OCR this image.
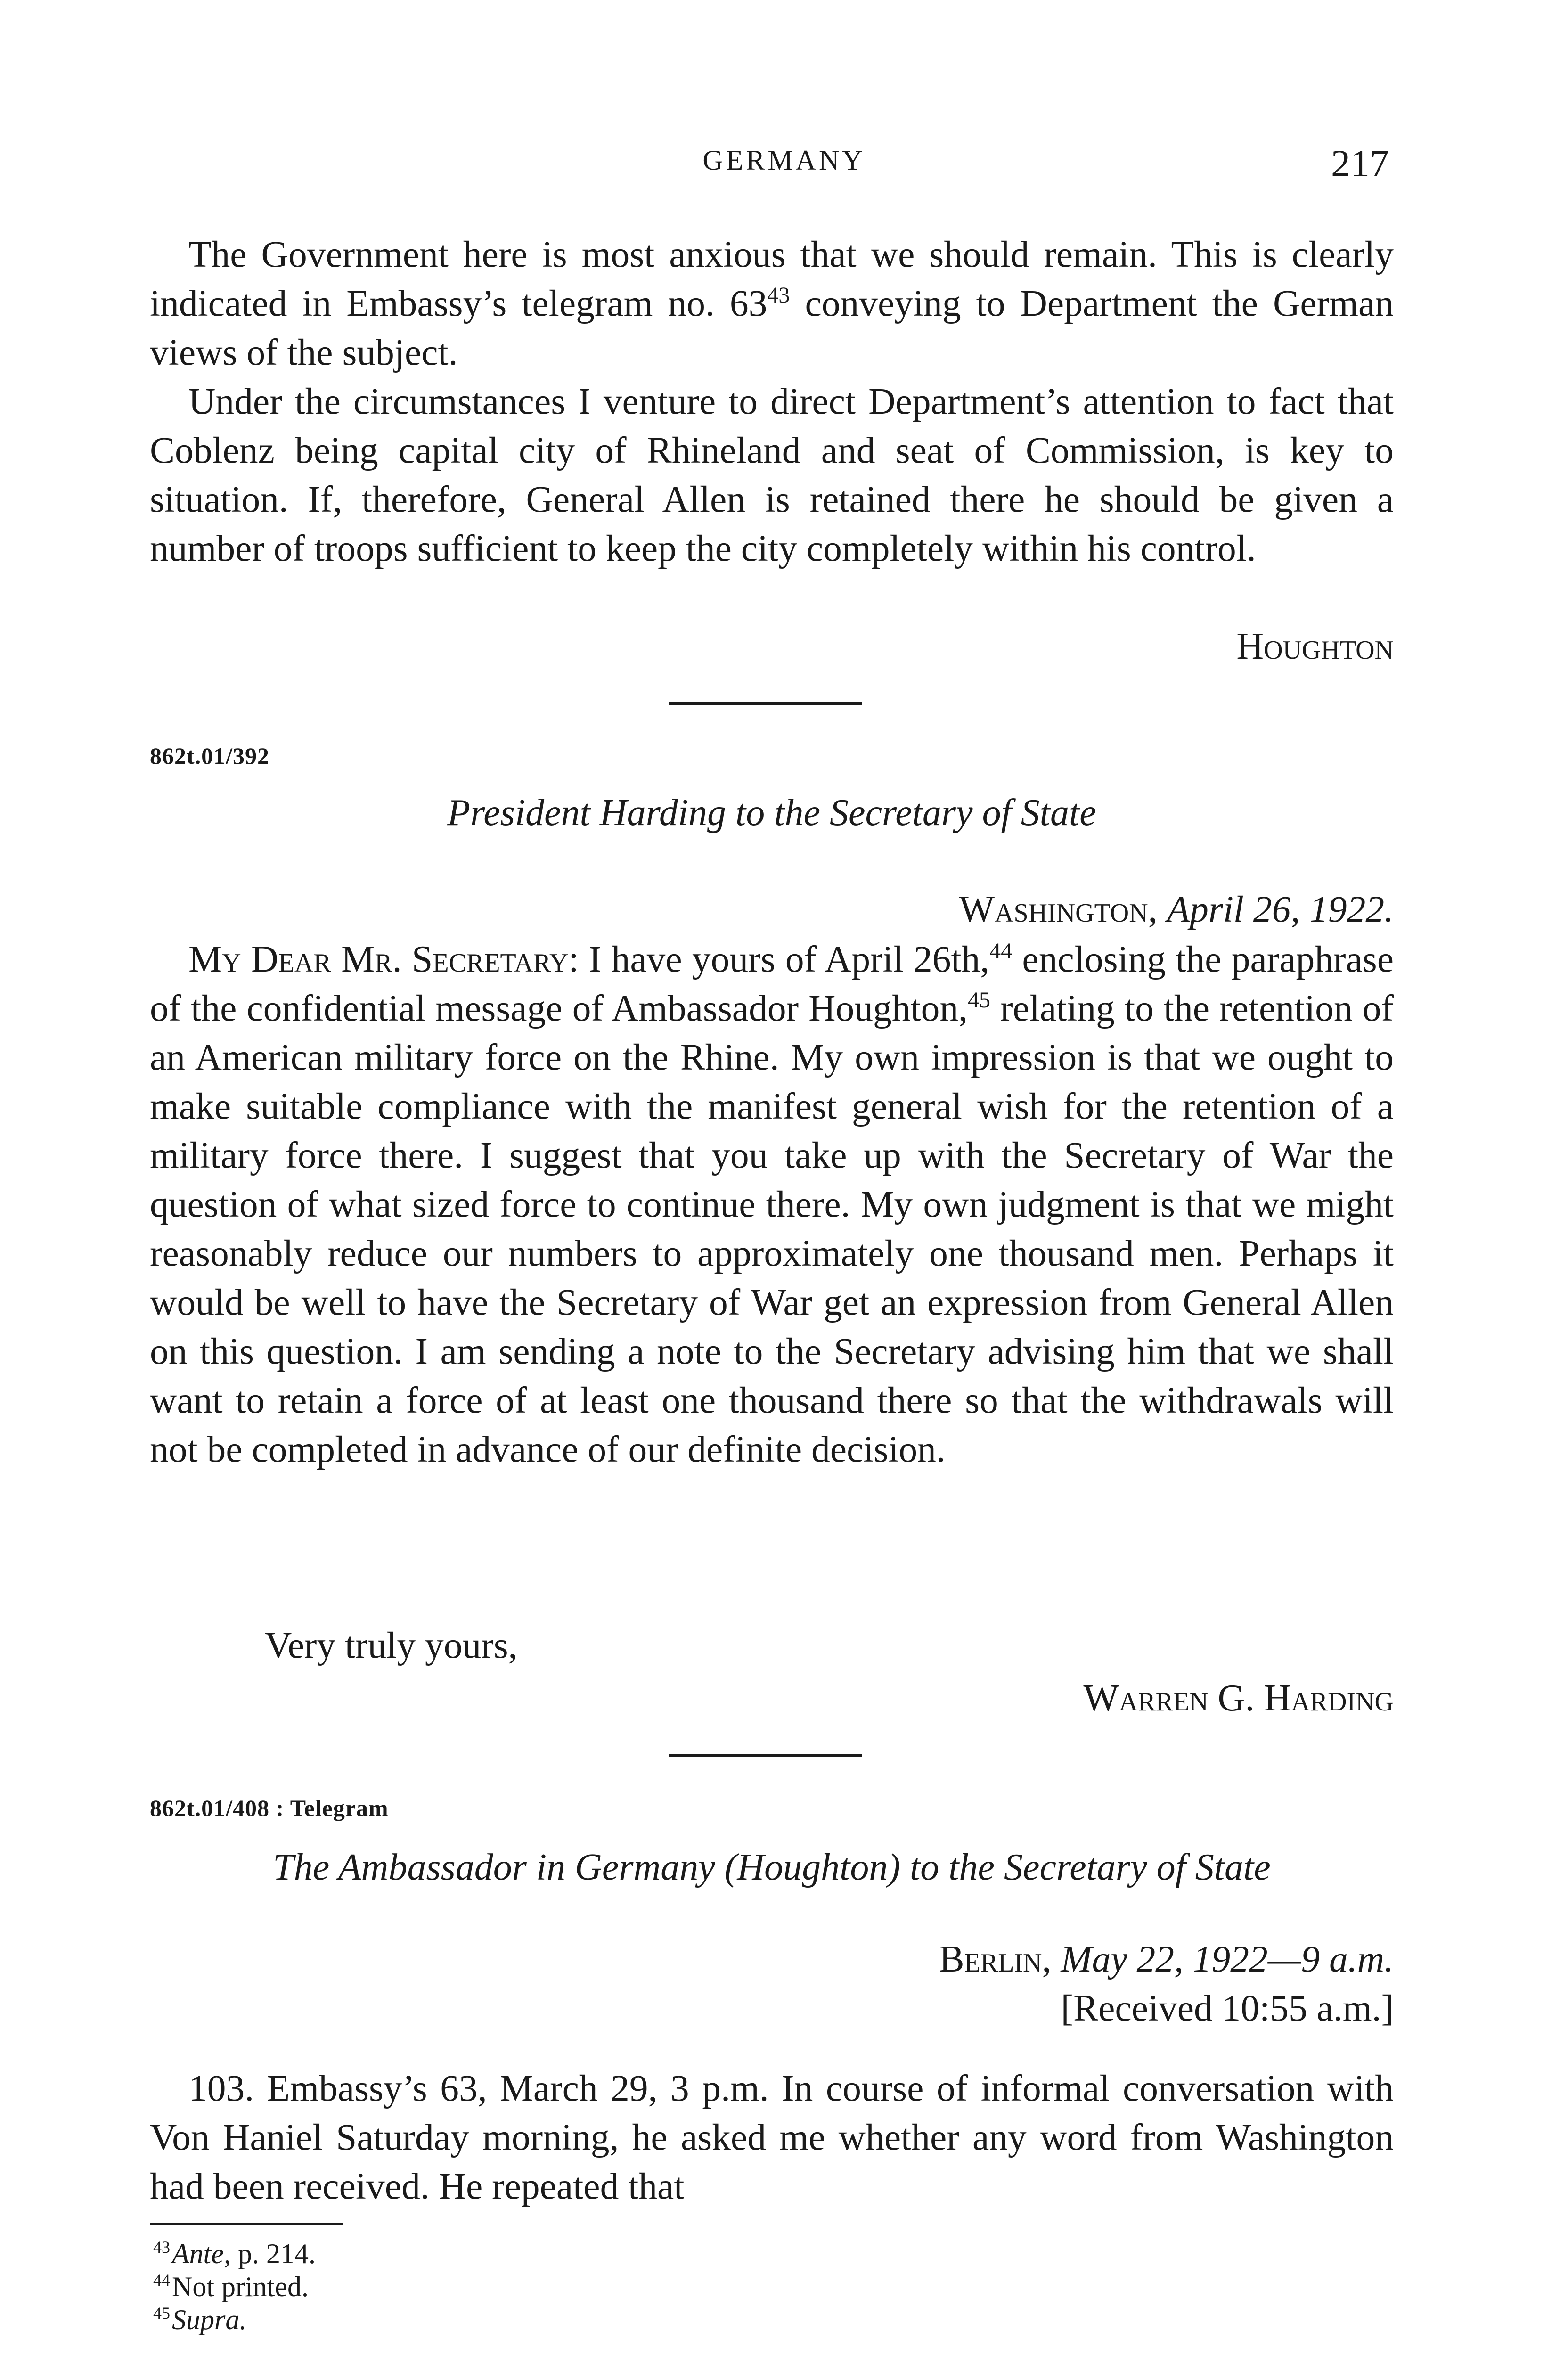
GERMANY	217

The Government here is most anxious that we should remain. This is clearly indicated in Embassy’s telegram no. 63$^{43}$ conveying to Department the German views of the subject.

Under the circumstances I venture to direct Department’s attention to fact that Coblenz being capital city of Rhineland and seat of Commission, is key to situation. If, therefore, General Allen is retained there he should be given a number of troops sufficient to keep the city completely within his control.

Houghton
862t.01/392
President Harding to the Secretary of State
Washington, April 26, 1922.

My Dear Mr. Secretary: I have yours of April 26th,$^{44}$ enclosing the paraphrase of the confidential message of Ambassador Houghton,$^{45}$ relating to the retention of an American military force on the Rhine. My own impression is that we ought to make suitable compliance with the manifest general wish for the retention of a military force there. I suggest that you take up with the Secretary of War the question of what sized force to continue there. My own judgment is that we might reasonably reduce our numbers to approximately one thousand men. Perhaps it would be well to have the Secretary of War get an expression from General Allen on this question. I am sending a note to the Secretary advising him that we shall want to retain a force of at least one thousand there so that the withdrawals will not be completed in advance of our definite decision.

Very truly yours,

Warren G. Harding
862t.01/408 : Telegram
The Ambassador in Germany (Houghton) to the Secretary of State
Berlin, May 22, 1922—9 a.m.
[Received 10:55 a.m.]

103. Embassy’s 63, March 29, 3 p.m. In course of informal conversation with Von Haniel Saturday morning, he asked me whether any word from Washington had been received. He repeated that

$^{43}$Ante, p. 214.
$^{44}$Not printed.
$^{45}$Supra.
